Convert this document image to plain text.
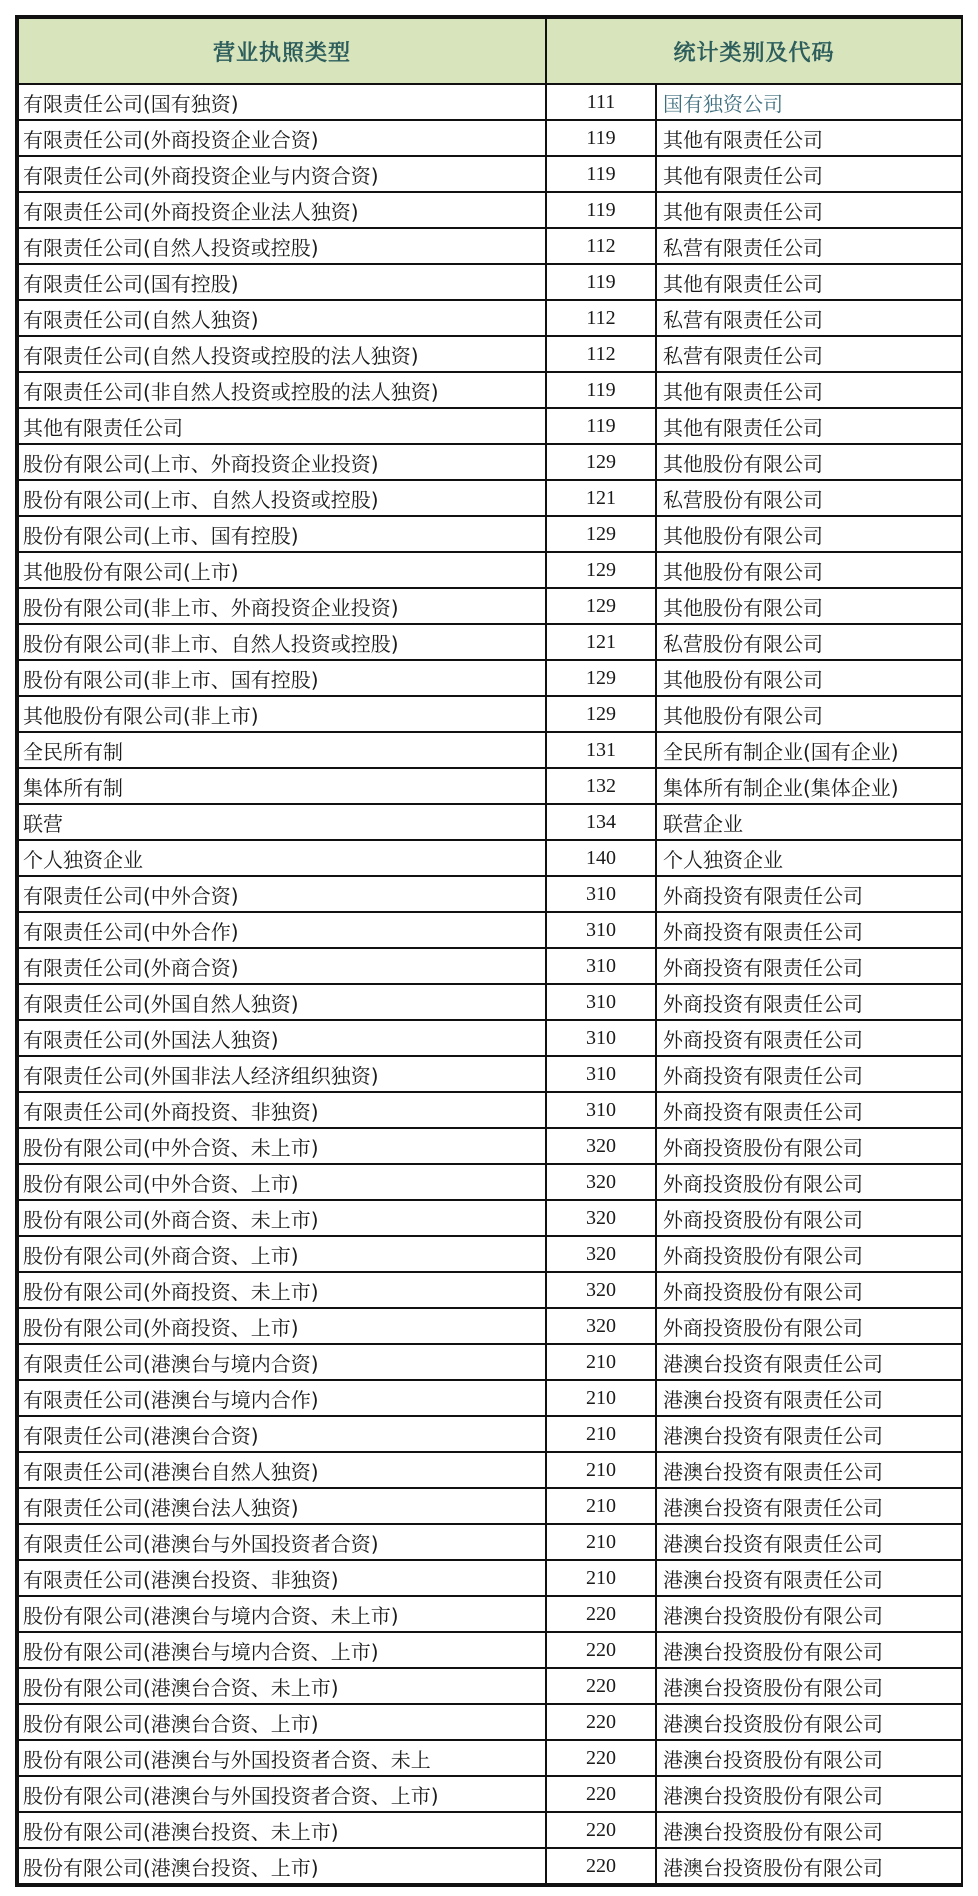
营业执照类型	统计类别及代码	
有限责任公司(国有独资)	111	国有独资公司
有限责任公司(外商投资企业合资)	119	其他有限责任公司
有限责任公司(外商投资企业与内资合资)	119	其他有限责任公司
有限责任公司(外商投资企业法人独资)	119	其他有限责任公司
有限责任公司(自然人投资或控股)	112	私营有限责任公司
有限责任公司(国有控股)	119	其他有限责任公司
有限责任公司(自然人独资)	112	私营有限责任公司
有限责任公司(自然人投资或控股的法人独资)	112	私营有限责任公司
有限责任公司(非自然人投资或控股的法人独资)	119	其他有限责任公司
其他有限责任公司	119	其他有限责任公司
股份有限公司(上市、外商投资企业投资)	129	其他股份有限公司
股份有限公司(上市、自然人投资或控股)	121	私营股份有限公司
股份有限公司(上市、国有控股)	129	其他股份有限公司
其他股份有限公司(上市)	129	其他股份有限公司
股份有限公司(非上市、外商投资企业投资)	129	其他股份有限公司
股份有限公司(非上市、自然人投资或控股)	121	私营股份有限公司
股份有限公司(非上市、国有控股)	129	其他股份有限公司
其他股份有限公司(非上市)	129	其他股份有限公司
全民所有制	131	全民所有制企业(国有企业)
集体所有制	132	集体所有制企业(集体企业)
联营	134	联营企业
个人独资企业	140	个人独资企业
有限责任公司(中外合资)	310	外商投资有限责任公司
有限责任公司(中外合作)	310	外商投资有限责任公司
有限责任公司(外商合资)	310	外商投资有限责任公司
有限责任公司(外国自然人独资)	310	外商投资有限责任公司
有限责任公司(外国法人独资)	310	外商投资有限责任公司
有限责任公司(外国非法人经济组织独资)	310	外商投资有限责任公司
有限责任公司(外商投资、非独资)	310	外商投资有限责任公司
股份有限公司(中外合资、未上市)	320	外商投资股份有限公司
股份有限公司(中外合资、上市)	320	外商投资股份有限公司
股份有限公司(外商合资、未上市)	320	外商投资股份有限公司
股份有限公司(外商合资、上市)	320	外商投资股份有限公司
股份有限公司(外商投资、未上市)	320	外商投资股份有限公司
股份有限公司(外商投资、上市)	320	外商投资股份有限公司
有限责任公司(港澳台与境内合资)	210	港澳台投资有限责任公司
有限责任公司(港澳台与境内合作)	210	港澳台投资有限责任公司
有限责任公司(港澳台合资)	210	港澳台投资有限责任公司
有限责任公司(港澳台自然人独资)	210	港澳台投资有限责任公司
有限责任公司(港澳台法人独资)	210	港澳台投资有限责任公司
有限责任公司(港澳台与外国投资者合资)	210	港澳台投资有限责任公司
有限责任公司(港澳台投资、非独资)	210	港澳台投资有限责任公司
股份有限公司(港澳台与境内合资、未上市)	220	港澳台投资股份有限公司
股份有限公司(港澳台与境内合资、上市)	220	港澳台投资股份有限公司
股份有限公司(港澳台合资、未上市)	220	港澳台投资股份有限公司
股份有限公司(港澳台合资、上市)	220	港澳台投资股份有限公司
股份有限公司(港澳台与外国投资者合资、未上	220	港澳台投资股份有限公司
股份有限公司(港澳台与外国投资者合资、上市)	220	港澳台投资股份有限公司
股份有限公司(港澳台投资、未上市)	220	港澳台投资股份有限公司
股份有限公司(港澳台投资、上市)	220	港澳台投资股份有限公司
